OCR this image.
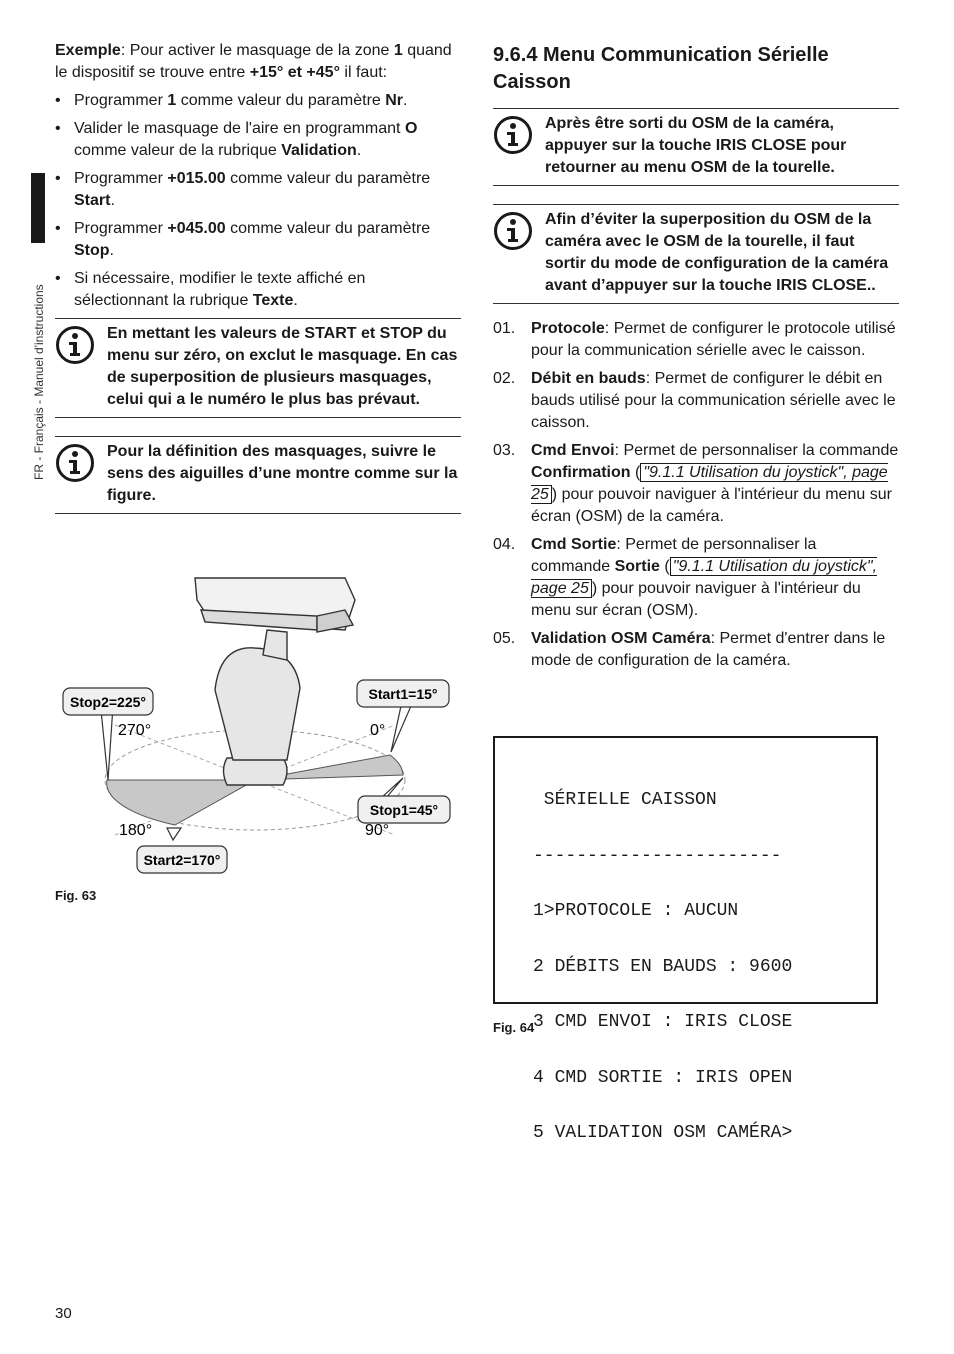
FR - Français - Manuel d'instructions

Exemple: Pour activer le masquage de la zone 1 quand le dispositif se trouve entre +15° et +45° il faut:

• Programmer 1 comme valeur du paramètre Nr.
• Valider le masquage de l'aire en programmant O comme valeur de la rubrique Validation.
• Programmer +015.00 comme valeur du paramètre Start.
• Programmer +045.00 comme valeur du paramètre Stop.
• Si nécessaire, modifier le texte affiché en sélectionnant la rubrique Texte.
En mettant les valeurs de START et STOP du menu sur zéro, on exclut le masquage. En cas de superposition de plusieurs masquages, celui qui a le numéro le plus bas prévaut.
Pour la définition des masquages, suivre le sens des aiguilles d’une montre comme sur la figure.
Stop2=225°	Start1=15°
Stop1=45°
Start2=170°
270°	0°
180°	90°
Fig. 63
9.6.4 Menu Communication Sérielle Caisson
Après être sorti du OSM de la caméra, appuyer sur la touche IRIS CLOSE pour retourner au menu OSM de la tourelle.
Afin d’éviter la superposition du OSM de la caméra avec le OSM de la tourelle, il faut sortir du mode de configuration de la caméra avant d’appuyer sur la touche IRIS CLOSE..
01. Protocole: Permet de configurer le protocole utilisé pour la communication sérielle avec le caisson.
02. Débit en bauds: Permet de configurer le débit en bauds utilisé pour la communication sérielle avec le caisson.
03. Cmd Envoi: Permet de personnaliser la commande Confirmation ( "9.1.1 Utilisation du joystick", page 25 ) pour pouvoir naviguer à l'intérieur du menu sur écran (OSM) de la caméra.
04. Cmd Sortie: Permet de personnaliser la commande Sortie ( "9.1.1 Utilisation du joystick", page 25 ) pour pouvoir naviguer à l'intérieur du menu sur écran (OSM).
05. Validation OSM Caméra: Permet d'entrer dans le mode de configuration de la caméra.

SÉRIELLE CAISSON

-----------------------

1>PROTOCOLE : AUCUN

2 DÉBITS EN BAUDS : 9600

3 CMD ENVOI : IRIS CLOSE

4 CMD SORTIE : IRIS OPEN

5 VALIDATION OSM CAMÉRA>

Fig. 64
30
